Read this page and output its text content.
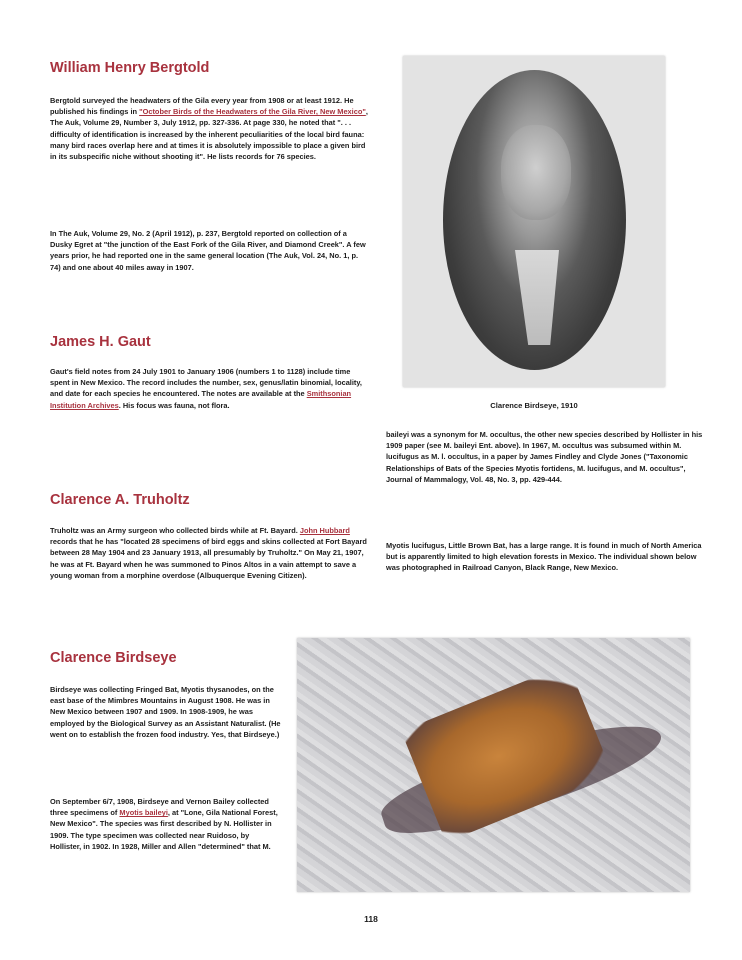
William Henry Bergtold
Bergtold surveyed the headwaters of the Gila every year from 1908 or at least 1912. He published his findings in "October Birds of the Headwaters of the Gila River, New Mexico", The Auk, Volume 29, Number 3, July 1912, pp. 327-336. At page 330, he noted that ". . . difficulty of identification is increased by the inherent peculiarities of the local bird fauna: many bird races overlap here and at times it is absolutely impossible to place a given bird in its subspecific niche without shooting it". He lists records for 76 species.
In The Auk, Volume 29, No. 2 (April 1912), p. 237, Bergtold reported on collection of a Dusky Egret at "the junction of the East Fork of the Gila River, and Diamond Creek". A few years prior, he had reported one in the same general location (The Auk, Vol. 24, No. 1, p. 74) and one about 40 miles away in 1907.
James H. Gaut
Gaut's field notes from 24 July 1901 to January 1906 (numbers 1 to 1128) include time spent in New Mexico. The record includes the number, sex, genus/latin binomial, locality, and date for each species he encountered. The notes are available at the Smithsonian Institution Archives. His focus was fauna, not flora.
Clarence A. Truholtz
Truholtz was an Army surgeon who collected birds while at Ft. Bayard. John Hubbard records that he has "located 28 specimens of bird eggs and skins collected at Fort Bayard between 28 May 1904 and 23 January 1913, all presumably by Truholtz." On May 21, 1907, he was at Ft. Bayard when he was summoned to Pinos Altos in a vain attempt to save a young woman from a morphine overdose (Albuquerque Evening Citizen).
Clarence Birdseye
Birdseye was collecting Fringed Bat, Myotis thysanodes, on the east base of the Mimbres Mountains in August 1908. He was in New Mexico between 1907 and 1909. In 1908-1909, he was employed by the Biological Survey as an Assistant Naturalist. (He went on to establish the frozen food industry. Yes, that Birdseye.)
On September 6/7, 1908, Birdseye and Vernon Bailey collected three specimens of Myotis baileyi, at "Lone, Gila National Forest, New Mexico". The species was first described by N. Hollister in 1909. The type specimen was collected near Ruidoso, by Hollister, in 1902. In 1928, Miller and Allen "determined" that M.
Clarence Birdseye, 1910
baileyi was a synonym for M. occultus, the other new species described by Hollister in his 1909 paper (see M. baileyi Ent. above). In 1967, M. occultus was subsumed within M. lucifugus as M. l. occultus, in a paper by James Findley and Clyde Jones ("Taxonomic Relationships of Bats of the Species Myotis fortidens, M. lucifugus, and M. occultus", Journal of Mammalogy, Vol. 48, No. 3, pp. 429-444.
Myotis lucifugus, Little Brown Bat, has a large range. It is found in much of North America but is apparently limited to high elevation forests in Mexico. The individual shown below was photographed in Railroad Canyon, Black Range, New Mexico.
118
